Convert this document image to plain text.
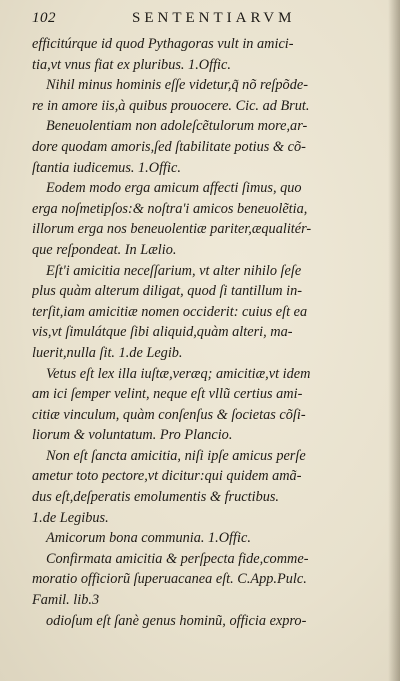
102	SENTENTIARVM
efficitúrque id quod Pythagoras vult in amici-
tia,vt vnus fiat ex pluribus. 1.Offic.
Nihil minus hominis eſſe videtur,q̃ nõ reſpõde-
re in amore iis,à quibus prouocere. Cic. ad Brut.
Beneuolentiam non adoleſcẽtulorum more,ar-
dore quodam amoris,ſed ſtabilitate potius & cõ-
ſtantia iudicemus. 1.Offic.
Eodem modo erga amicum affecti ſimus, quo
erga noſmetipſos:& noſtra'i amicos beneuolẽtia,
illorum erga nos beneuolentiæ pariter,æqualitér-
que reſpondeat. In Lælio.
Eſt'i amicitia neceſſarium, vt alter nihilo ſeſe
plus quàm alterum diligat, quod ſi tantillum in-
terſit,iam amicitiæ nomen occiderit: cuius eſt ea
vis,vt ſimulátque ſibi aliquid,quàm alteri, ma-
luerit,nulla ſit. 1.de Legib.
Vetus eſt lex illa iuſtæ,veræq; amicitiæ,vt idem
am ici ſemper velint, neque eſt vllũ certius ami-
citiæ vinculum, quàm conſenſus & ſocietas cõſi-
liorum & voluntatum. Pro Plancio.
Non eſt ſancta amicitia, niſi ipſe amicus perſe
ametur toto pectore,vt dicitur:qui quidem amã-
dus eſt,deſperatis emolumentis & fructibus.
1.de Legibus.
Amicorum bona communia. 1.Offic.
Confirmata amicitia & perſpecta fide,comme-
moratio officiorũ ſuperuacanea eſt. C.App.Pulc.
Famil. lib.3
odioſum eſt ſanè genus hominũ, officia expro-
